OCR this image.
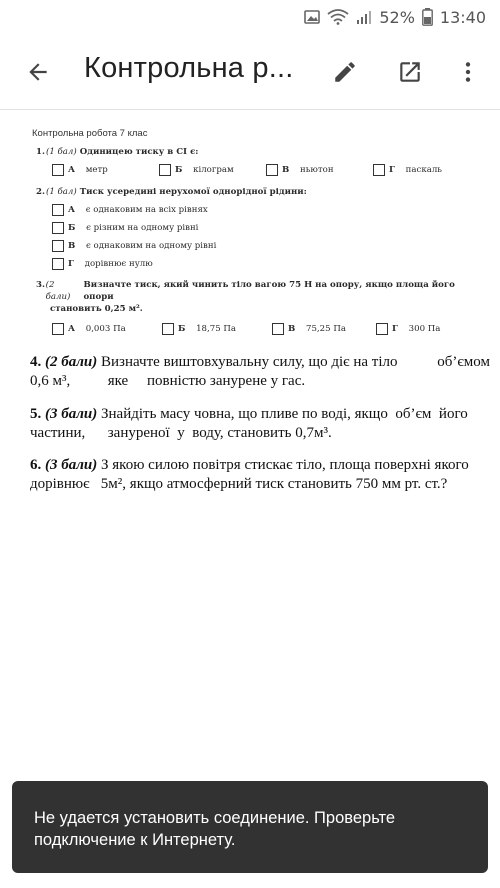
52% 13:40
Контрольна р...
Контрольна робота 7 клас
1. (1 бал) Одиницею тиску в СІ є:
А
метр	Б
кілограм	В
ньютон	Г
паскаль
2. (1 бал) Тиск усередині нерухомої однорідної рідини:
А
є однаковим на всіх рівнях
Б
є різним на одному рівні
В
є однаковим на одному рівні
Г
дорівнює нулю
3. (2 бали)
Визначте тиск, який чинить тіло вагою 75 Н на опору, якщо площа його опори
становить 0,25 м².
А
0,003 Па	Б
18,75 Па	В
75,25 Па	Г
300 Па
4. (2 бали) Визначте виштовхувальну силу, що діє на тіло	об’ємом
0,6 м³,          яке     повністю занурене у гас.
5. (3 бали) Знайдіть масу човна, що пливе по воді, якщо  об’єм  його
частини,      зануреної  у  воду, становить 0,7м³.
6. (3 бали) З якою силою повітря стискає тіло, площа поверхні якого
дорівнює   5м², якщо атмосферний тиск становить 750 мм рт. ст.?
Не удается установить соединение. Проверьте
подключение к Интернету.
